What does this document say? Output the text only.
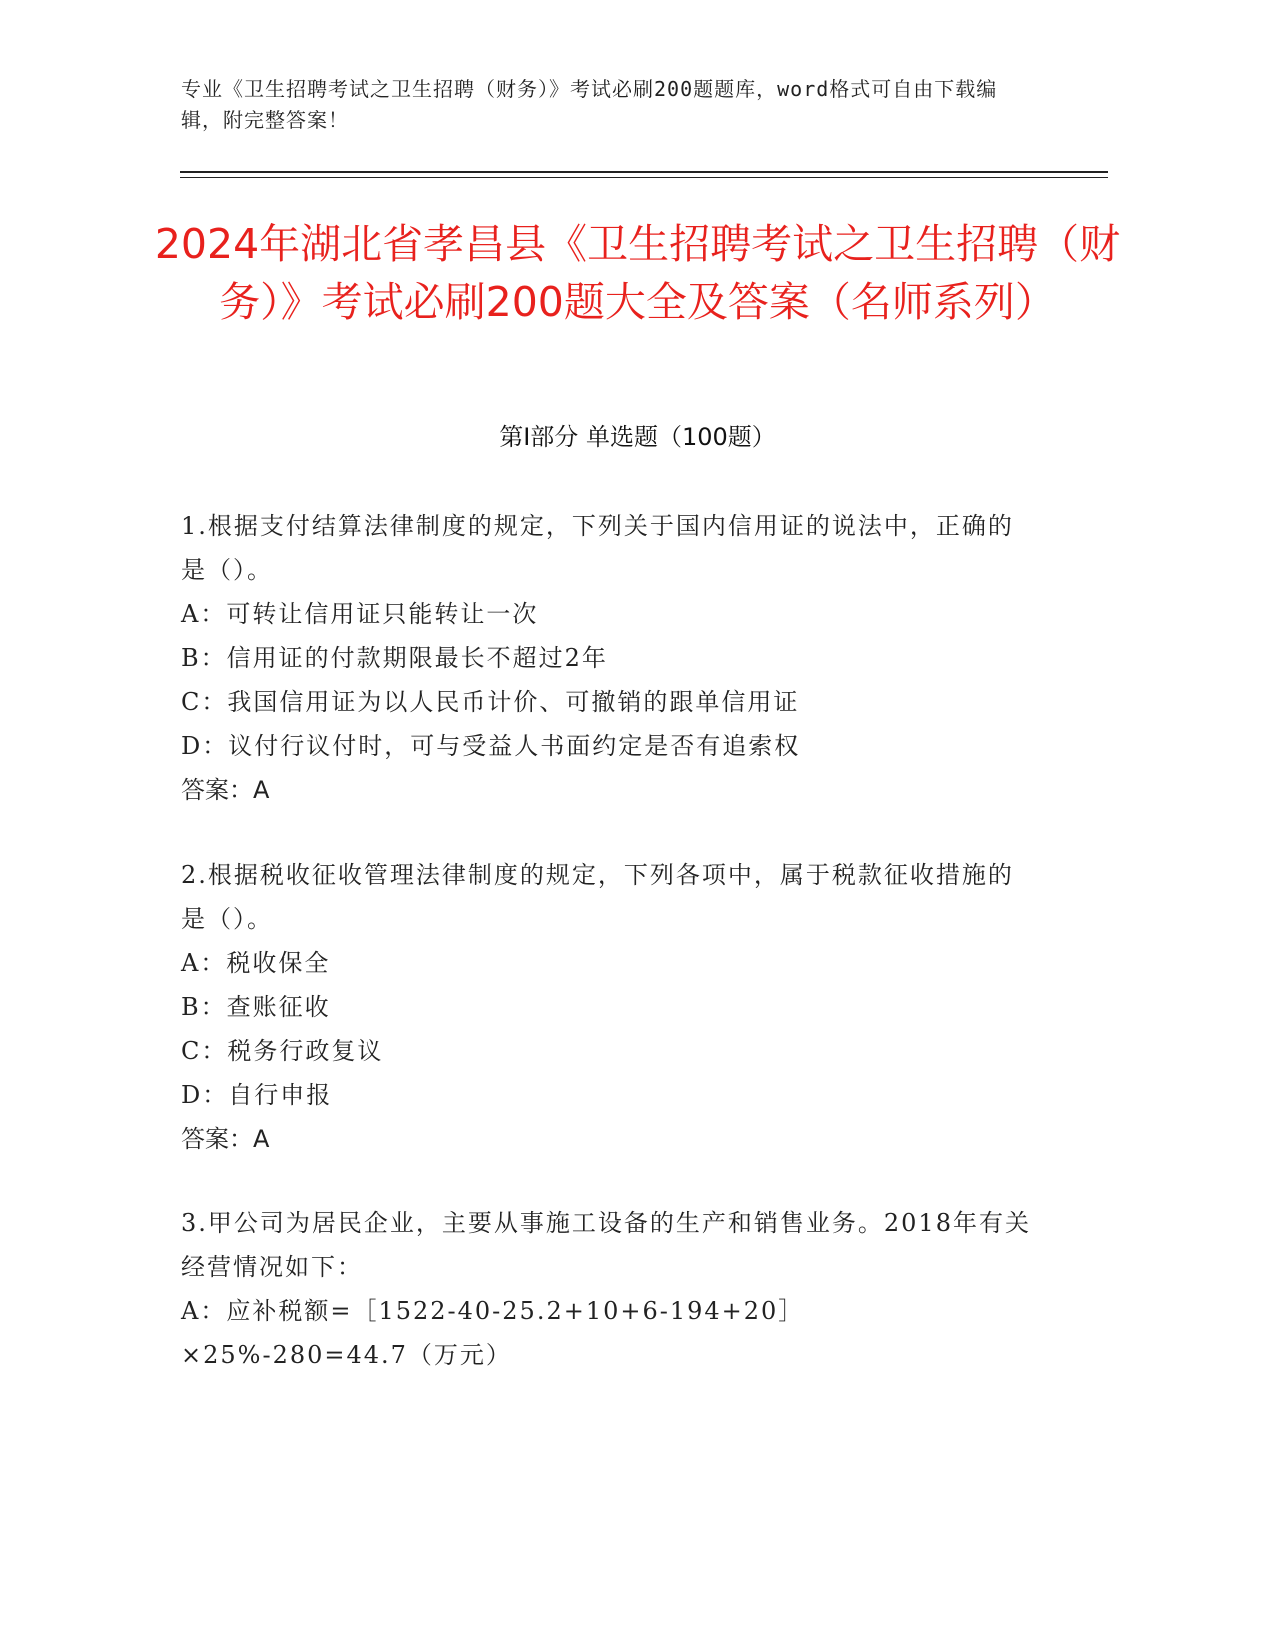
专业《卫生招聘考试之卫生招聘（财务）》考试必刷200题题库，word格式可自由下载编辑，附完整答案！
2024年湖北省孝昌县《卫生招聘考试之卫生招聘（财务）》考试必刷200题大全及答案（名师系列）
第I部分 单选题（100题）

1.根据支付结算法律制度的规定，下列关于国内信用证的说法中，正确的是（）。

A：可转让信用证只能转让一次

B：信用证的付款期限最长不超过2年

C：我国信用证为以人民币计价、可撤销的跟单信用证

D：议付行议付时，可与受益人书面约定是否有追索权

答案：A

2.根据税收征收管理法律制度的规定，下列各项中，属于税款征收措施的是（）。

A：税收保全

B：查账征收

C：税务行政复议

D：自行申报

答案：A

3.甲公司为居民企业，主要从事施工设备的生产和销售业务。2018年有关经营情况如下：

A：应补税额=［1522-40-25.2+10+6-194+20］×25%-280=44.7（万元）
